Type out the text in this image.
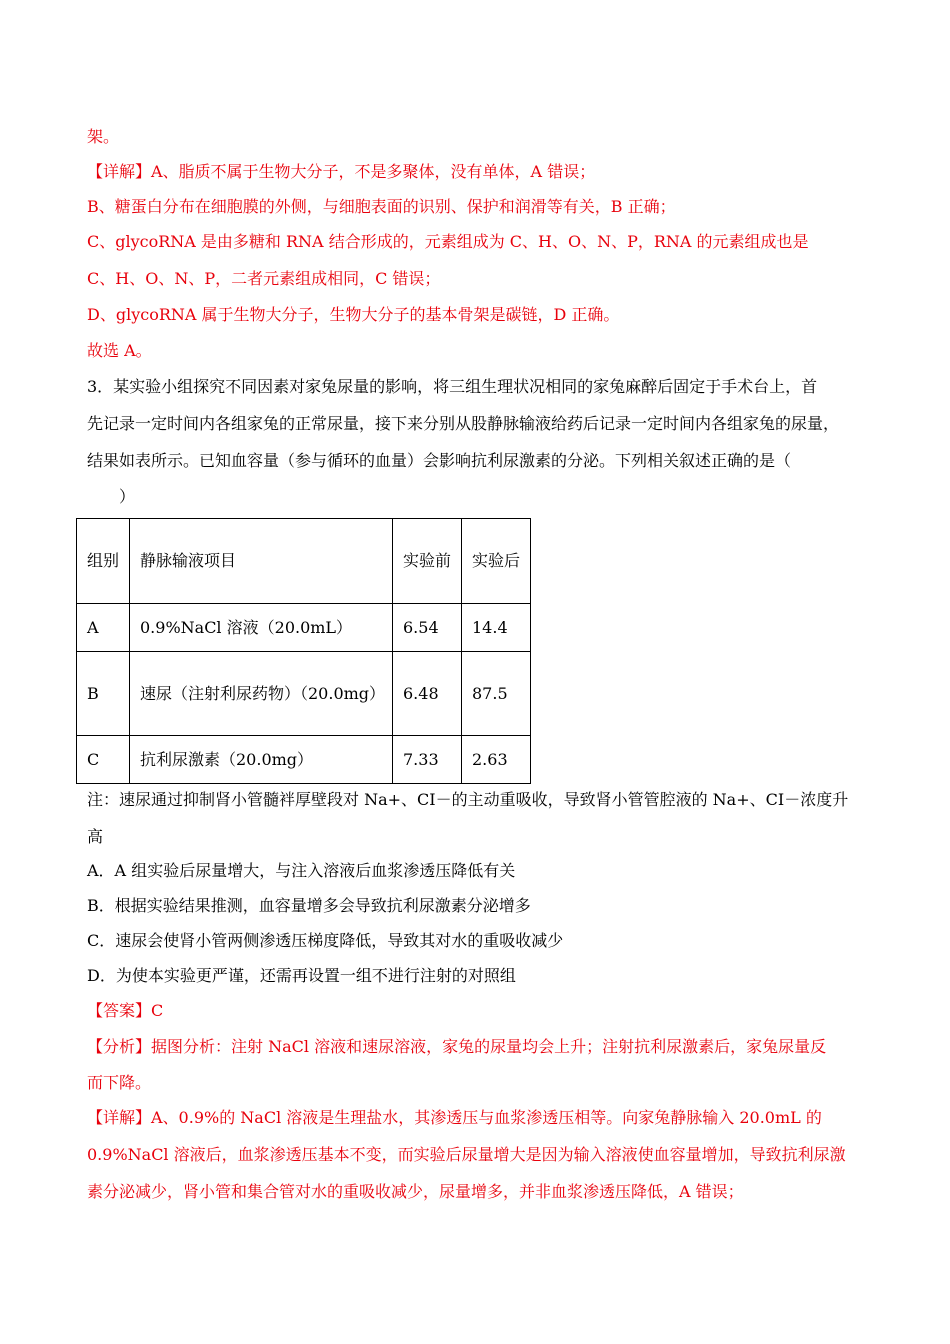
架。
【详解】A、脂质不属于生物大分子，不是多聚体，没有单体，A 错误；
B、糖蛋白分布在细胞膜的外侧，与细胞表面的识别、保护和润滑等有关，B 正确；
C、glycoRNA 是由多糖和 RNA 结合形成的，元素组成为 C、H、O、N、P，RNA 的元素组成也是
C、H、O、N、P，二者元素组成相同，C 错误；
D、glycoRNA 属于生物大分子，生物大分子的基本骨架是碳链，D 正确。
故选 A。
3．某实验小组探究不同因素对家兔尿量的影响，将三组生理状况相同的家兔麻醉后固定于手术台上，首
先记录一定时间内各组家兔的正常尿量，接下来分别从股静脉输液给药后记录一定时间内各组家兔的尿量，
结果如表所示。已知血容量（参与循环的血量）会影响抗利尿激素的分泌。下列相关叙述正确的是（
　　）
组别	静脉输液项目	实验前	实验后
A	0.9%NaCl 溶液（20.0mL）	6.54	14.4
B	速尿（注射利尿药物）（20.0mg）	6.48	87.5
C	抗利尿激素（20.0mg）	7.33	2.63
注：速尿通过抑制肾小管髓袢厚壁段对 Na+、CI－的主动重吸收，导致肾小管管腔液的 Na+、CI－浓度升
高
A．A 组实验后尿量增大，与注入溶液后血浆渗透压降低有关
B．根据实验结果推测，血容量增多会导致抗利尿激素分泌增多
C．速尿会使肾小管两侧渗透压梯度降低，导致其对水的重吸收减少
D．为使本实验更严谨，还需再设置一组不进行注射的对照组
【答案】C
【分析】据图分析：注射 NaCl 溶液和速尿溶液，家兔的尿量均会上升；注射抗利尿激素后，家兔尿量反
而下降。
【详解】A、0.9%的 NaCl 溶液是生理盐水，其渗透压与血浆渗透压相等。向家兔静脉输入 20.0mL 的
0.9%NaCl 溶液后，血浆渗透压基本不变，而实验后尿量增大是因为输入溶液使血容量增加，导致抗利尿激
素分泌减少，肾小管和集合管对水的重吸收减少，尿量增多，并非血浆渗透压降低，A 错误；
